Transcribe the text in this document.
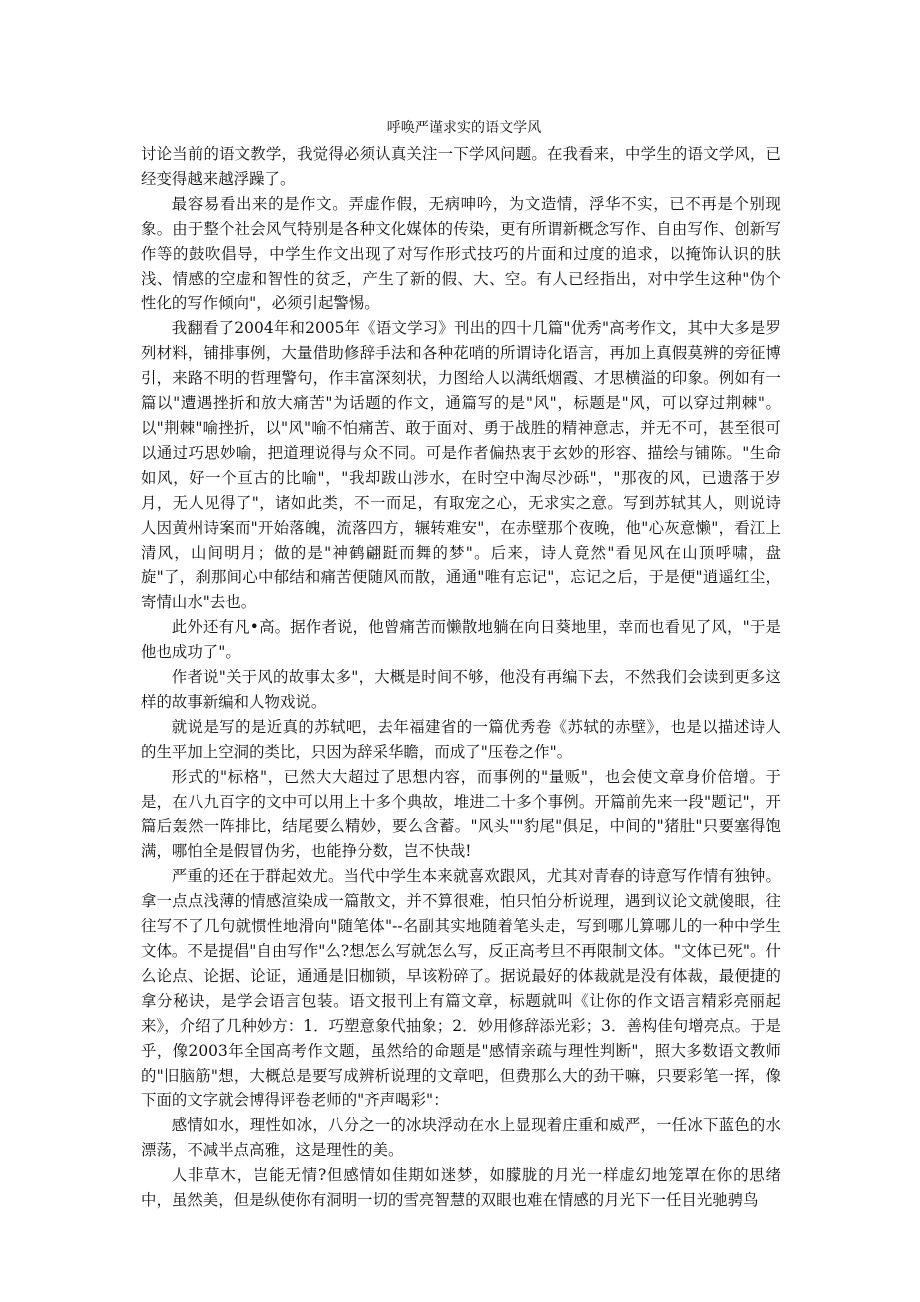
呼唤严谨求实的语文学风

讨论当前的语文教学，我觉得必须认真关注一下学风问题。在我看来，中学生的语文学风，已经变得越来越浮躁了。

最容易看出来的是作文。弄虚作假，无病呻吟，为文造情，浮华不实，已不再是个别现象。由于整个社会风气特别是各种文化媒体的传染，更有所谓新概念写作、自由写作、创新写作等的鼓吹倡导，中学生作文出现了对写作形式技巧的片面和过度的追求，以掩饰认识的肤浅、情感的空虚和智性的贫乏，产生了新的假、大、空。有人已经指出，对中学生这种"伪个性化的写作倾向"，必须引起警惕。

我翻看了2004年和2005年《语文学习》刊出的四十几篇"优秀"高考作文，其中大多是罗列材料，铺排事例，大量借助修辞手法和各种花哨的所谓诗化语言，再加上真假莫辨的旁征博引，来路不明的哲理警句，作丰富深刻状，力图给人以满纸烟霞、才思横溢的印象。例如有一篇以"遭遇挫折和放大痛苦"为话题的作文，通篇写的是"风"，标题是"风，可以穿过荆棘"。以"荆棘"喻挫折，以"风"喻不怕痛苦、敢于面对、勇于战胜的精神意志，并无不可，甚至很可以通过巧思妙喻，把道理说得与众不同。可是作者偏热衷于玄妙的形容、描绘与铺陈。"生命如风，好一个亘古的比喻"，"我却跋山涉水，在时空中淘尽沙砾"，"那夜的风，已遗落于岁月，无人见得了"，诸如此类，不一而足，有取宠之心，无求实之意。写到苏轼其人，则说诗人因黄州诗案而"开始落魄，流落四方，辗转难安"，在赤壁那个夜晚，他"心灰意懒"，看江上清风，山间明月；做的是"神鹤翩跹而舞的梦"。后来，诗人竟然"看见风在山顶呼啸，盘旋"了，刹那间心中郁结和痛苦便随风而散，通通"唯有忘记"，忘记之后，于是便"逍遥红尘，寄情山水"去也。

此外还有凡•高。据作者说，他曾痛苦而懒散地躺在向日葵地里，幸而也看见了风，"于是他也成功了"。

作者说"关于风的故事太多"，大概是时间不够，他没有再编下去，不然我们会读到更多这样的故事新编和人物戏说。

就说是写的是近真的苏轼吧，去年福建省的一篇优秀卷《苏轼的赤壁》，也是以描述诗人的生平加上空洞的类比，只因为辞采华瞻，而成了"压卷之作"。

形式的"标格"，已然大大超过了思想内容，而事例的"量贩"，也会使文章身价倍增。于是，在八九百字的文中可以用上十多个典故，堆进二十多个事例。开篇前先来一段"题记"，开篇后轰然一阵排比，结尾要么精妙，要么含蓄。"风头""豹尾"俱足，中间的"猪肚"只要塞得饱满，哪怕全是假冒伪劣，也能挣分数，岂不快哉!

严重的还在于群起效尤。当代中学生本来就喜欢跟风，尤其对青春的诗意写作情有独钟。拿一点点浅薄的情感渲染成一篇散文，并不算很难，怕只怕分析说理，遇到议论文就傻眼，往往写不了几句就惯性地滑向"随笔体"--名副其实地随着笔头走，写到哪儿算哪儿的一种中学生文体。不是提倡"自由写作"么?想怎么写就怎么写，反正高考旦不再限制文体。"文体已死"。什么论点、论据、论证，通通是旧枷锁，早该粉碎了。据说最好的体裁就是没有体裁，最便捷的拿分秘诀，是学会语言包装。语文报刊上有篇文章，标题就叫《让你的作文语言精彩亮丽起来》，介绍了几种妙方：1．巧塑意象代抽象；2．妙用修辞添光彩；3．善构佳句增亮点。于是乎，像2003年全国高考作文题，虽然给的命题是"感情亲疏与理性判断"，照大多数语文教师的"旧脑筋"想，大概总是要写成辨析说理的文章吧，但费那么大的劲干嘛，只要彩笔一挥，像下面的文字就会博得评卷老师的"齐声喝彩"：

感情如水，理性如冰，八分之一的冰块浮动在水上显现着庄重和威严，一任冰下蓝色的水漂荡，不减半点高雅，这是理性的美。

人非草木，岂能无情?但感情如佳期如迷梦，如朦胧的月光一样虚幻地笼罩在你的思绪中，虽然美，但是纵使你有洞明一切的雪亮智慧的双眼也难在情感的月光下一任目光驰骋鸟
